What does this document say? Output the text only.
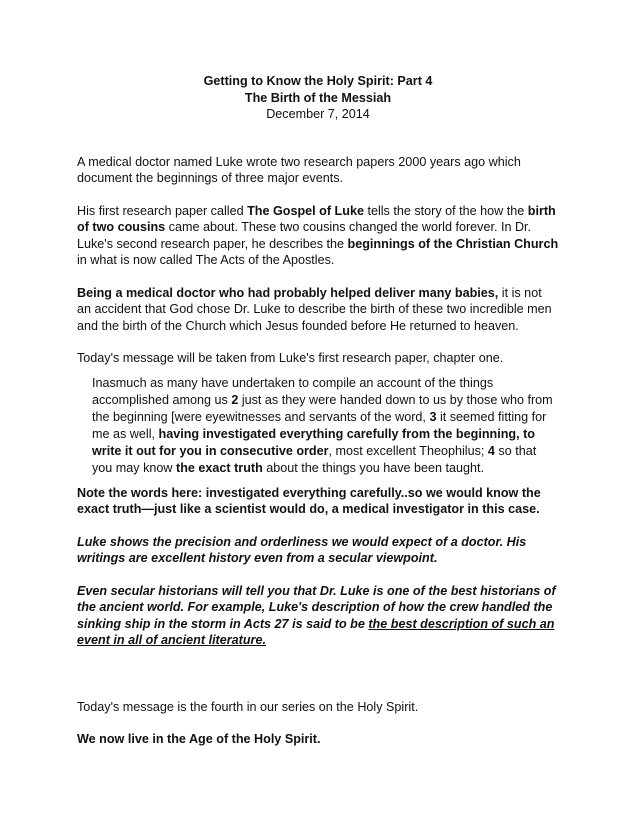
Getting to Know the Holy Spirit: Part 4
The Birth of the Messiah
December 7, 2014

A medical doctor named Luke wrote two research papers 2000 years ago which document the beginnings of three major events.

His first research paper called The Gospel of Luke tells the story of the how the birth of two cousins came about. These two cousins changed the world forever. In Dr. Luke's second research paper, he describes the beginnings of the Christian Church in what is now called The Acts of the Apostles.

Being a medical doctor who had probably helped deliver many babies, it is not an accident that God chose Dr. Luke to describe the birth of these two incredible men and the birth of the Church which Jesus founded before He returned to heaven.

Today's message will be taken from Luke's first research paper, chapter one.

Inasmuch as many have undertaken to compile an account of the things accomplished among us 2 just as they were handed down to us by those who from the beginning [were eyewitnesses and servants of the word, 3 it seemed fitting for me as well, having investigated everything carefully from the beginning, to write it out for you in consecutive order, most excellent Theophilus; 4 so that you may know the exact truth about the things you have been taught.

Note the words here: investigated everything carefully..so we would know the exact truth—just like a scientist would do, a medical investigator in this case.

Luke shows the precision and orderliness we would expect of a doctor. His writings are excellent history even from a secular viewpoint.

Even secular historians will tell you that Dr. Luke is one of the best historians of the ancient world. For example, Luke's description of how the crew handled the sinking ship in the storm in Acts 27 is said to be the best description of such an event in all of ancient literature.

Today's message is the fourth in our series on the Holy Spirit.

We now live in the Age of the Holy Spirit.
